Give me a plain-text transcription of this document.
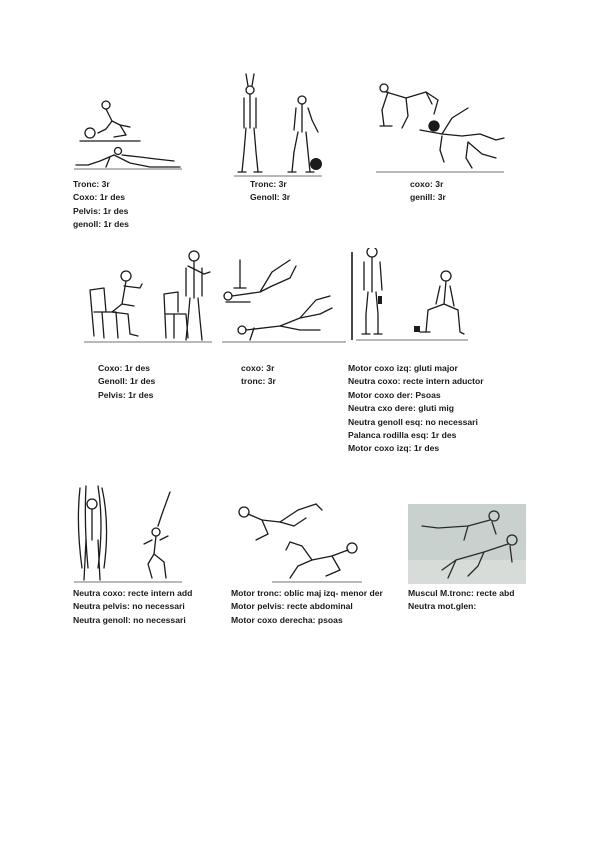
Tronc: 3r
Coxo: 1r des
Pelvis: 1r des
genoll: 1r des
Tronc: 3r
Genoll: 3r
coxo: 3r
genill: 3r
Coxo: 1r des
Genoll: 1r des
Pelvis: 1r des
coxo: 3r
tronc: 3r
Motor coxo izq: gluti major
Neutra coxo: recte intern aductor
Motor coxo der: Psoas
Neutra cxo dere: gluti mig
Neutra genoll esq: no necessari
Palanca rodilla esq: 1r des
Motor coxo izq: 1r des
Neutra coxo: recte intern add
Neutra pelvis: no necessari
Neutra genoll: no necessari
Motor tronc: oblic maj izq- menor der
Motor pelvis: recte abdominal
Motor coxo derecha: psoas
Muscul M.tronc: recte abd
Neutra mot.glen:
